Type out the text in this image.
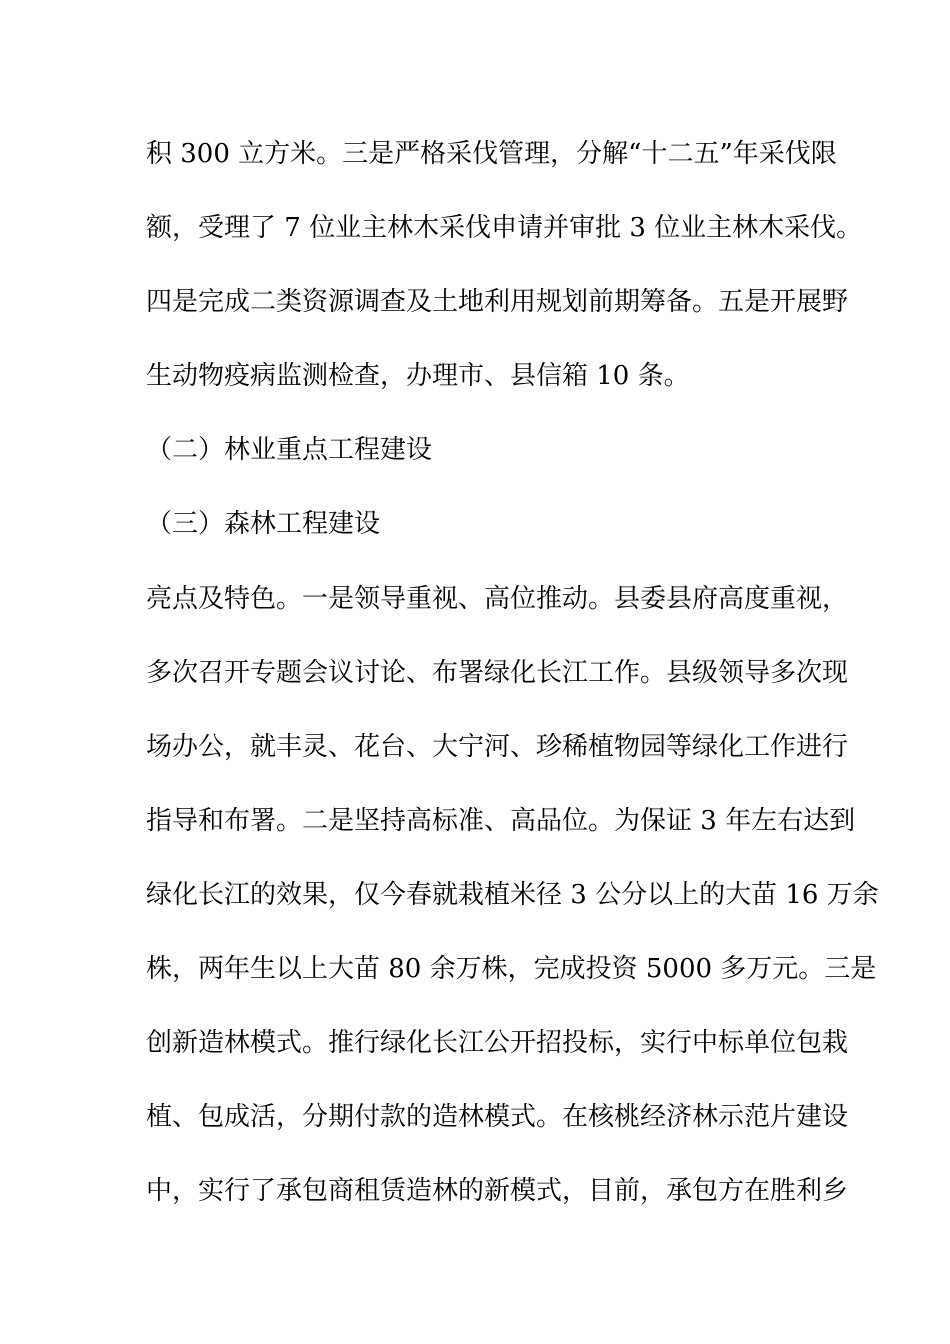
积 300 立方米。三是严格采伐管理，分解“十二五”年采伐限
额，受理了 7 位业主林木采伐申请并审批 3 位业主林木采伐。
四是完成二类资源调查及土地利用规划前期筹备。五是开展野
生动物疫病监测检查，办理市、县信箱 10 条。
（二）林业重点工程建设
（三）森林工程建设
亮点及特色。一是领导重视、高位推动。县委县府高度重视，
多次召开专题会议讨论、布署绿化长江工作。县级领导多次现
场办公，就丰灵、花台、大宁河、珍稀植物园等绿化工作进行
指导和布署。二是坚持高标准、高品位。为保证 3 年左右达到
绿化长江的效果，仅今春就栽植米径 3 公分以上的大苗 16 万余
株，两年生以上大苗 80 余万株，完成投资 5000 多万元。三是
创新造林模式。推行绿化长江公开招投标，实行中标单位包栽
植、包成活，分期付款的造林模式。在核桃经济林示范片建设
中，实行了承包商租赁造林的新模式，目前，承包方在胜利乡
